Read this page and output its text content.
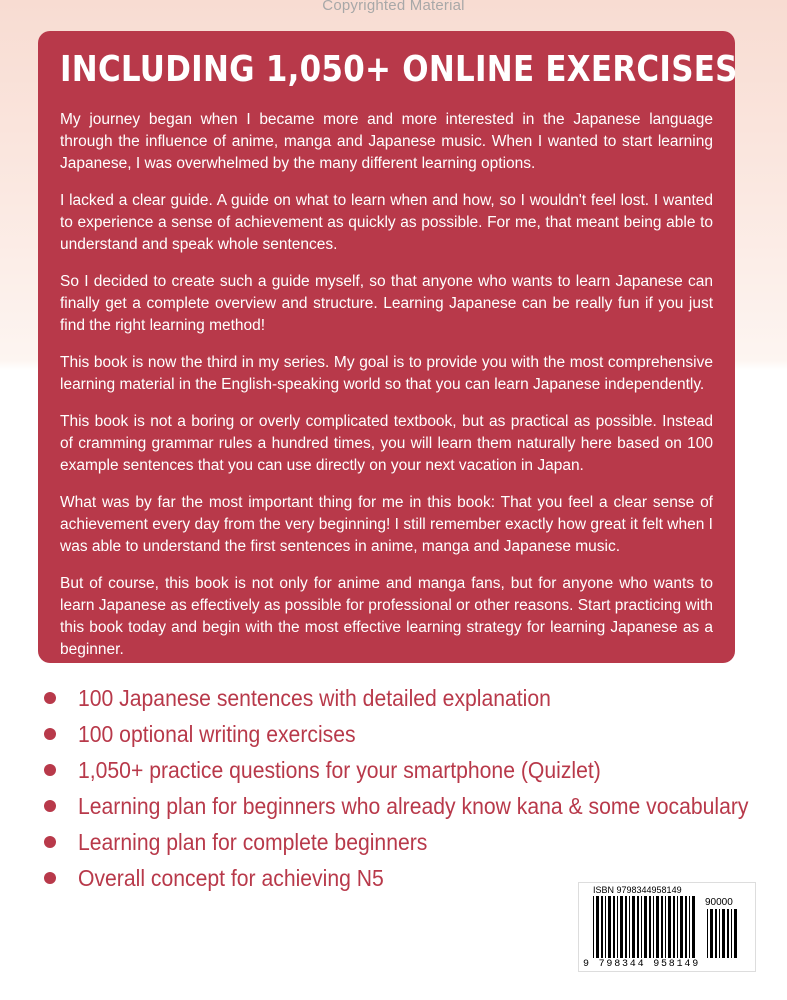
Copyrighted Material
INCLUDING 1,050+ ONLINE EXERCISES

My journey began when I became more and more interested in the Japanese language through the influence of anime, manga and Japanese music. When I wanted to start learning Japanese, I was overwhelmed by the many different learning options.

I lacked a clear guide. A guide on what to learn when and how, so I wouldn't feel lost. I wanted to experience a sense of achievement as quickly as possible. For me, that meant being able to understand and speak whole sentences.

So I decided to create such a guide myself, so that anyone who wants to learn Japanese can finally get a complete overview and structure. Learning Japanese can be really fun if you just find the right learning method!

This book is now the third in my series. My goal is to provide you with the most comprehensive learning material in the English-speaking world so that you can learn Japanese independently.

This book is not a boring or overly complicated textbook, but as practical as possible. Instead of cramming grammar rules a hundred times, you will learn them naturally here based on 100 example sentences that you can use directly on your next vacation in Japan.

What was by far the most important thing for me in this book: That you feel a clear sense of achievement every day from the very beginning! I still remember exactly how great it felt when I was able to understand the first sentences in anime, manga and Japanese music.

But of course, this book is not only for anime and manga fans, but for anyone who wants to learn Japanese as effectively as possible for professional or other reasons. Start practicing with this book today and begin with the most effective learning strategy for learning Japanese as a beginner.

100 Japanese sentences with detailed explanation
100 optional writing exercises
1,050+ practice questions for your smartphone (Quizlet)
Learning plan for beginners who already know kana & some vocabulary
Learning plan for complete beginners
Overall concept for achieving N5	ISBN 9798344958149
90000
9 798344 958149
